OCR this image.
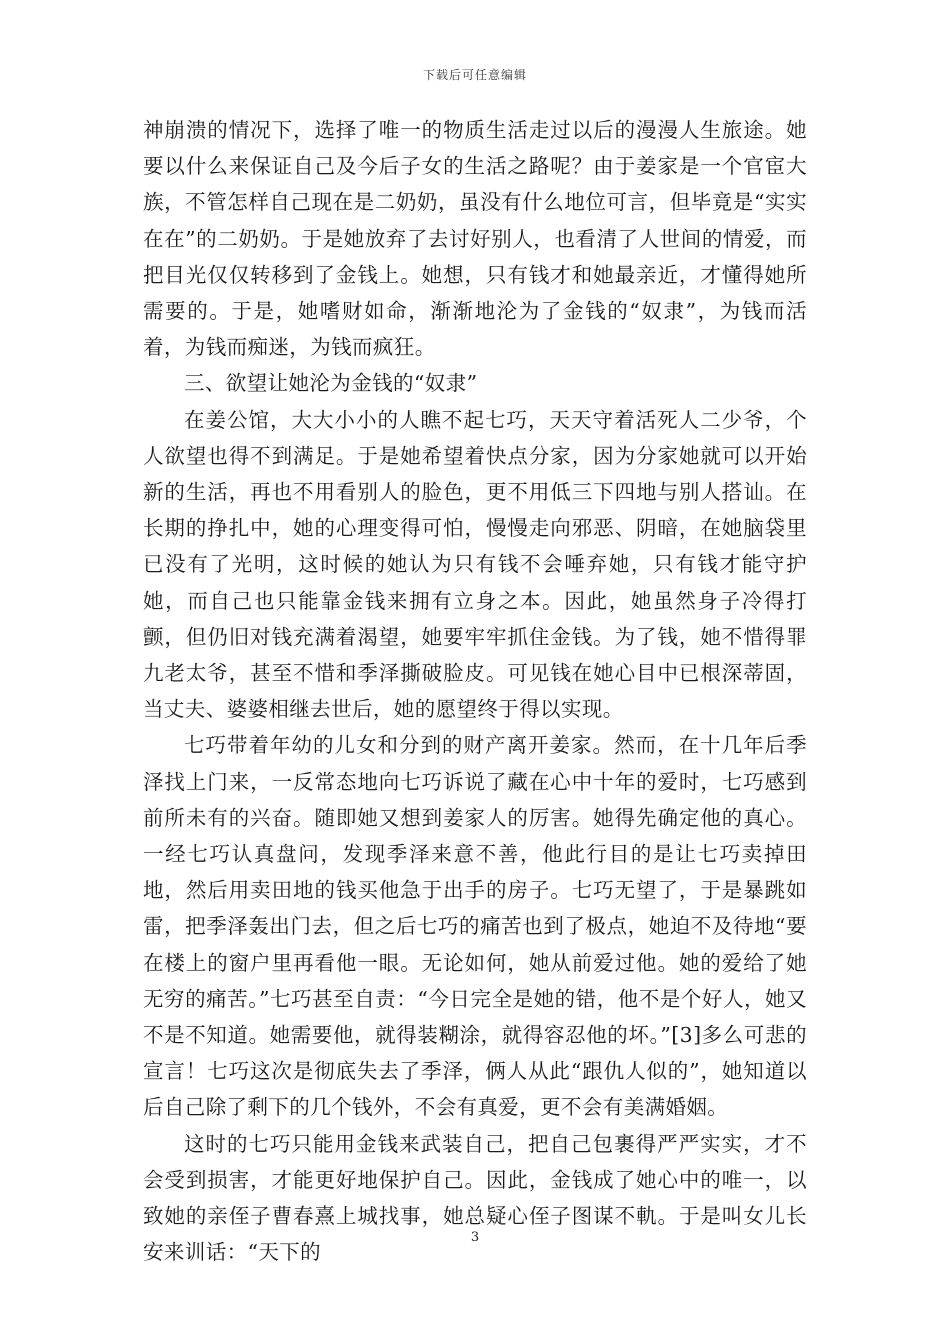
下载后可任意编辑

神崩溃的情况下，选择了唯一的物质生活走过以后的漫漫人生旅途。她要以什么来保证自己及今后子女的生活之路呢？由于姜家是一个官宦大族，不管怎样自己现在是二奶奶，虽没有什么地位可言，但毕竟是“实实在在”的二奶奶。于是她放弃了去讨好别人，也看清了人世间的情爱，而把目光仅仅转移到了金钱上。她想，只有钱才和她最亲近，才懂得她所需要的。于是，她嗜财如命，渐渐地沦为了金钱的“奴隶”，为钱而活着，为钱而痴迷，为钱而疯狂。

三、欲望让她沦为金钱的“奴隶”

在姜公馆，大大小小的人瞧不起七巧，天天守着活死人二少爷，个人欲望也得不到满足。于是她希望着快点分家，因为分家她就可以开始新的生活，再也不用看别人的脸色，更不用低三下四地与别人搭讪。在长期的挣扎中，她的心理变得可怕，慢慢走向邪恶、阴暗，在她脑袋里已没有了光明，这时候的她认为只有钱不会唾弃她，只有钱才能守护她，而自己也只能靠金钱来拥有立身之本。因此，她虽然身子冷得打颤，但仍旧对钱充满着渴望，她要牢牢抓住金钱。为了钱，她不惜得罪九老太爷，甚至不惜和季泽撕破脸皮。可见钱在她心目中已根深蒂固，当丈夫、婆婆相继去世后，她的愿望终于得以实现。

七巧带着年幼的儿女和分到的财产离开姜家。然而，在十几年后季泽找上门来，一反常态地向七巧诉说了藏在心中十年的爱时，七巧感到前所未有的兴奋。随即她又想到姜家人的厉害。她得先确定他的真心。一经七巧认真盘问，发现季泽来意不善，他此行目的是让七巧卖掉田地，然后用卖田地的钱买他急于出手的房子。七巧无望了，于是暴跳如雷，把季泽轰出门去，但之后七巧的痛苦也到了极点，她迫不及待地“要在楼上的窗户里再看他一眼。无论如何，她从前爱过他。她的爱给了她无穷的痛苦。”七巧甚至自责：“今日完全是她的错，他不是个好人，她又不是不知道。她需要他，就得装糊涂，就得容忍他的坏。”[3]多么可悲的宣言！七巧这次是彻底失去了季泽，俩人从此“跟仇人似的”，她知道以后自己除了剩下的几个钱外，不会有真爱，更不会有美满婚姻。

这时的七巧只能用金钱来武装自己，把自己包裹得严严实实，才不会受到损害，才能更好地保护自己。因此，金钱成了她心中的唯一，以致她的亲侄子曹春熹上城找事，她总疑心侄子图谋不軌。于是叫女儿长安来训话：“天下的

3
